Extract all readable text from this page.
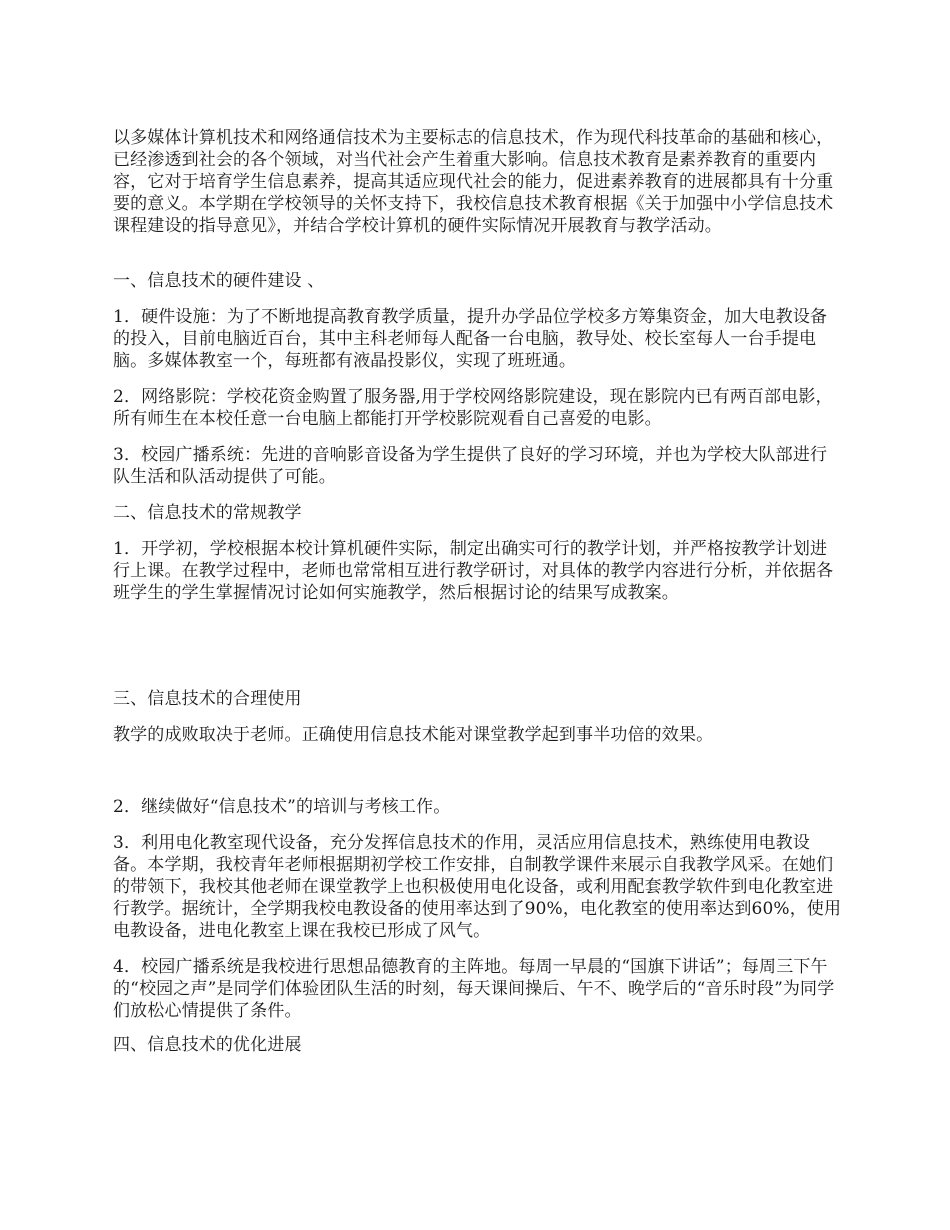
以多媒体计算机技术和网络通信技术为主要标志的信息技术，作为现代科技革命的基础和核心，已经渗透到社会的各个领域，对当代社会产生着重大影响。信息技术教育是素养教育的重要内容，它对于培育学生信息素养，提高其适应现代社会的能力，促进素养教育的进展都具有十分重要的意义。本学期在学校领导的关怀支持下，我校信息技术教育根据《关于加强中小学信息技术课程建设的指导意见》，并结合学校计算机的硬件实际情况开展教育与教学活动。

一、信息技术的硬件建设 、

1．硬件设施：为了不断地提高教育教学质量，提升办学品位学校多方筹集资金，加大电教设备的投入，目前电脑近百台，其中主科老师每人配备一台电脑，教导处、校长室每人一台手提电脑。多媒体教室一个，每班都有液晶投影仪，实现了班班通。

2．网络影院：学校花资金购置了服务器,用于学校网络影院建设，现在影院内已有两百部电影，所有师生在本校任意一台电脑上都能打开学校影院观看自己喜爱的电影。

3．校园广播系统：先进的音响影音设备为学生提供了良好的学习环境，并也为学校大队部进行队生活和队活动提供了可能。

二、信息技术的常规教学

1．开学初，学校根据本校计算机硬件实际，制定出确实可行的教学计划，并严格按教学计划进行上课。在教学过程中，老师也常常相互进行教学研讨，对具体的教学内容进行分析，并依据各班学生的学生掌握情况讨论如何实施教学，然后根据讨论的结果写成教案。

三、信息技术的合理使用

教学的成败取决于老师。正确使用信息技术能对课堂教学起到事半功倍的效果。

2．继续做好“信息技术”的培训与考核工作。

3．利用电化教室现代设备，充分发挥信息技术的作用，灵活应用信息技术，熟练使用电教设备。本学期，我校青年老师根据期初学校工作安排，自制教学课件来展示自我教学风采。在她们的带领下，我校其他老师在课堂教学上也积极使用电化设备，或利用配套教学软件到电化教室进行教学。据统计，全学期我校电教设备的使用率达到了90%，电化教室的使用率达到60%，使用电教设备，进电化教室上课在我校已形成了风气。

4．校园广播系统是我校进行思想品德教育的主阵地。每周一早晨的“国旗下讲话”；每周三下午的“校园之声”是同学们体验团队生活的时刻，每天课间操后、午不、晚学后的“音乐时段”为同学们放松心情提供了条件。

四、信息技术的优化进展
